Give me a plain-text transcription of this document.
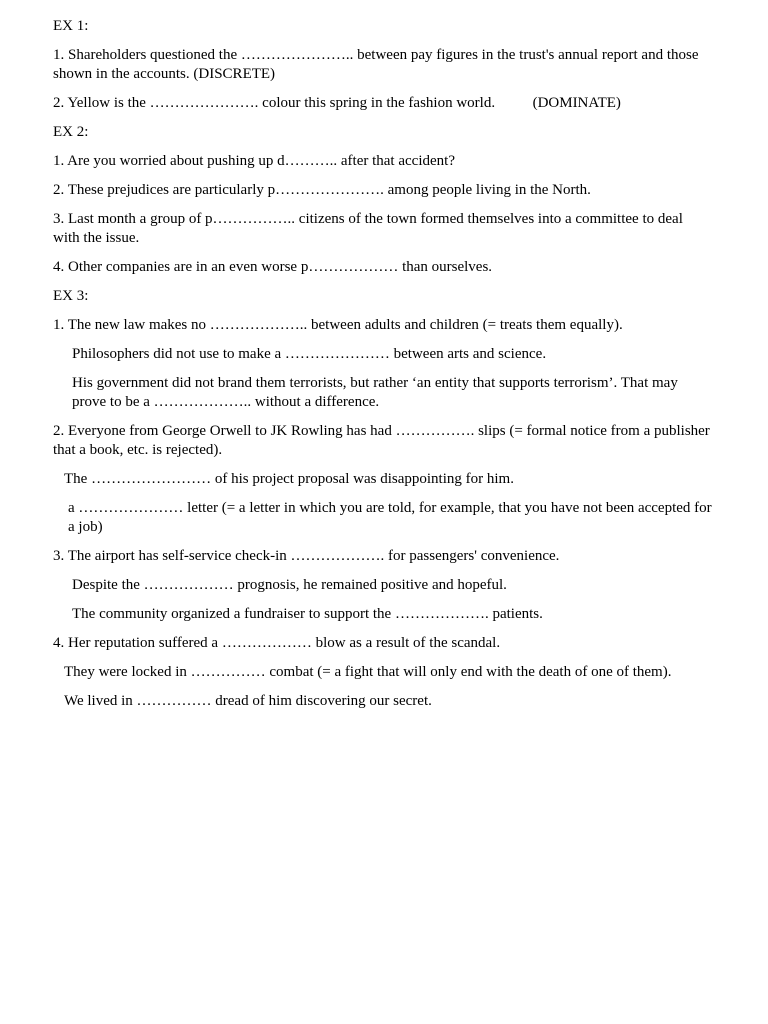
EX 1:

1. Shareholders questioned the ………………….. between pay figures in the trust's annual report and those shown in the accounts. (DISCRETE)

2. Yellow is the …………………. colour this spring in the fashion world.          (DOMINATE)

EX 2:

1. Are you worried about pushing up d……….. after that accident?

2. These prejudices are particularly p…………………. among people living in the North.

3. Last month a group of p…………….. citizens of the town formed themselves into a committee to deal with the issue.

4. Other companies are in an even worse p……………… than ourselves.

EX 3:

1. The new law makes no ……………….. between adults and children (= treats them equally).

Philosophers did not use to make a ………………… between arts and science.

His government did not brand them terrorists, but rather ‘an entity that supports terrorism’. That may prove to be a ……………….. without a difference.

2. Everyone from George Orwell to JK Rowling has had ……………. slips (= formal notice from a publisher that a book, etc. is rejected).

The …………………… of his project proposal was disappointing for him.

a ………………… letter (= a letter in which you are told, for example, that you have not been accepted for a job)

3. The airport has self-service check-in ………………. for passengers' convenience.

Despite the ……………… prognosis, he remained positive and hopeful.

The community organized a fundraiser to support the ………………. patients.

4. Her reputation suffered a ……………… blow as a result of the scandal.

They were locked in …………… combat (= a fight that will only end with the death of one of them).

We lived in …………… dread of him discovering our secret.
